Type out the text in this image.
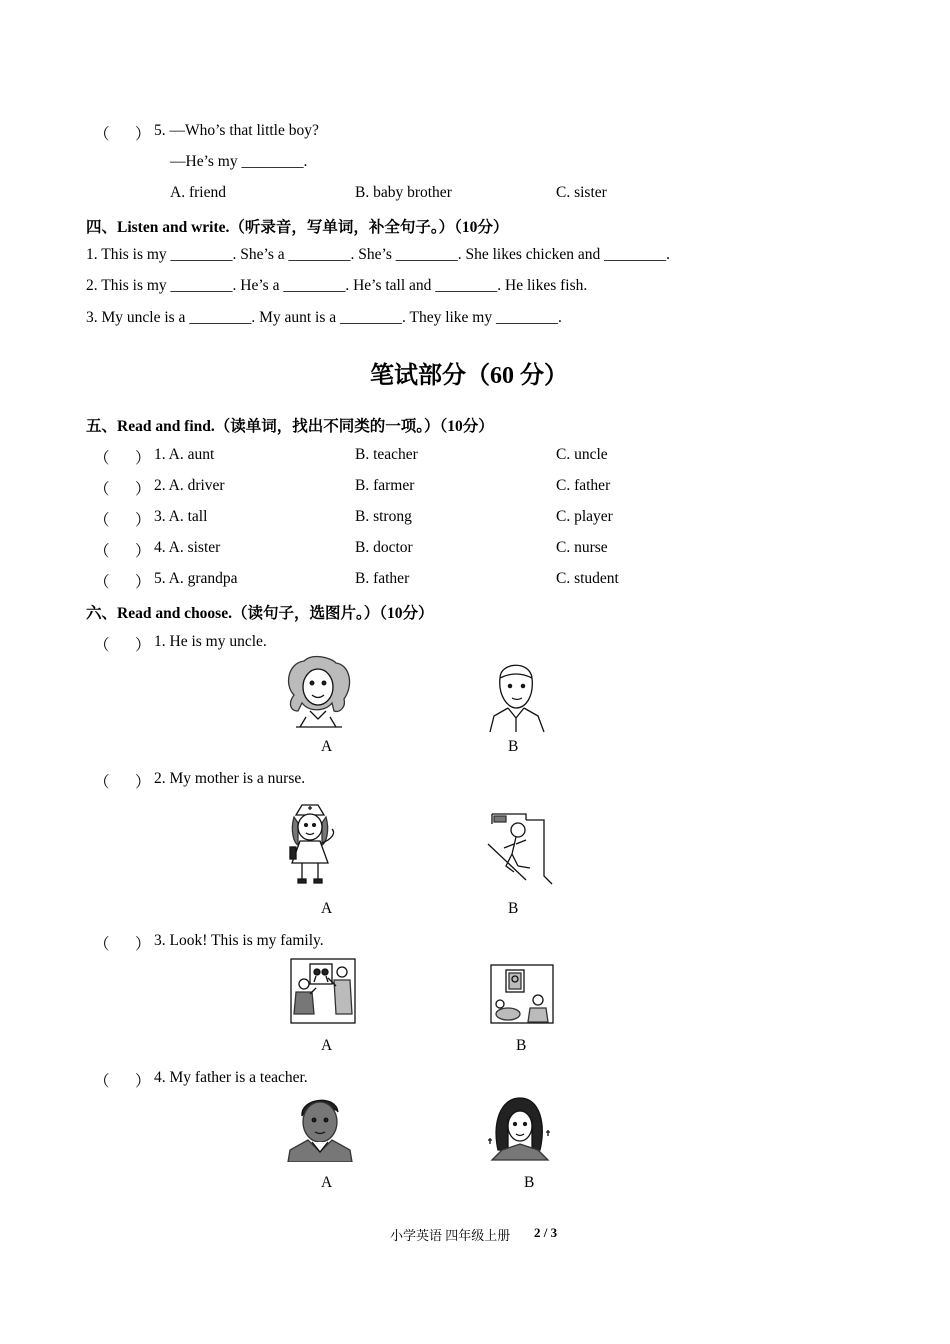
（ ） 5. —Who’s that little boy?
—He’s my ________.
A. friend	B. baby brother	C. sister
四、Listen and write.（听录音，写单词，补全句子。）（10分）
1. This is my ________. She’s a ________. She’s ________. She likes chicken and ________.
2. This is my ________. He’s a ________. He’s tall and ________. He likes fish.
3. My uncle is a ________. My aunt is a ________. They like my ________.
笔试部分（60 分）
五、Read and find.（读单词，找出不同类的一项。）（10分）
（ ） 1. A. aunt	B. teacher	C. uncle
（ ） 2. A. driver	B. farmer	C. father
（ ） 3. A. tall	B. strong	C. player
（ ） 4. A. sister	B. doctor	C. nurse
（ ） 5. A. grandpa	B. father	C. student
六、Read and choose.（读句子，选图片。）（10分）
（ ） 1. He is my uncle.
A	B
（ ） 2. My mother is a nurse.
A	B
（ ） 3. Look! This is my family.
A	B
（ ） 4. My father is a teacher.
A	B
小学英语 四年级上册 2 / 3
